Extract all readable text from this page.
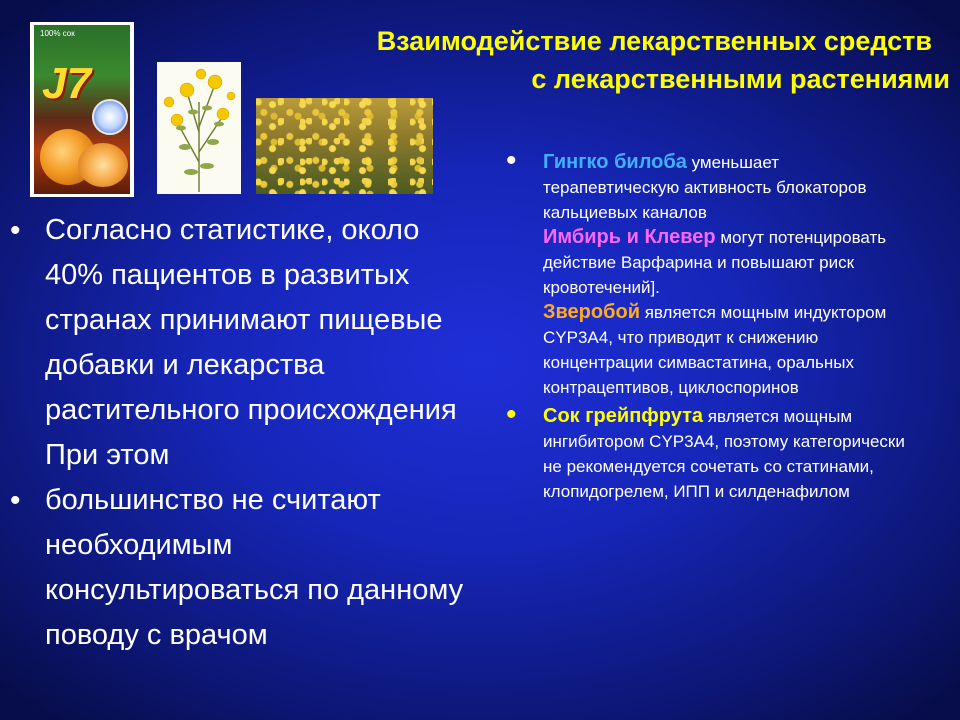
Взаимодействие лекарственных средств
с лекарственными растениями
100% сок
J7
• Согласно статистике, около 40% пациентов в развитых странах принимают пищевые добавки и лекарства растительного происхождения При этом
• большинство не считают необходимым консультироваться по данному поводу с врачом
• Гингко билоба уменьшает терапевтическую активность блокаторов кальциевых каналов
Имбирь и Клевер могут потенцировать действие Варфарина и повышают риск кровотечений].
Зверобой является мощным индуктором CYP3A4, что приводит к снижению концентрации симвастатина, оральных контрацептивов, циклоспоринов
• Сок грейпфрута является мощным ингибитором CYP3A4, поэтому категорически не рекомендуется сочетать со статинами, клопидогрелем, ИПП и силденафилом
